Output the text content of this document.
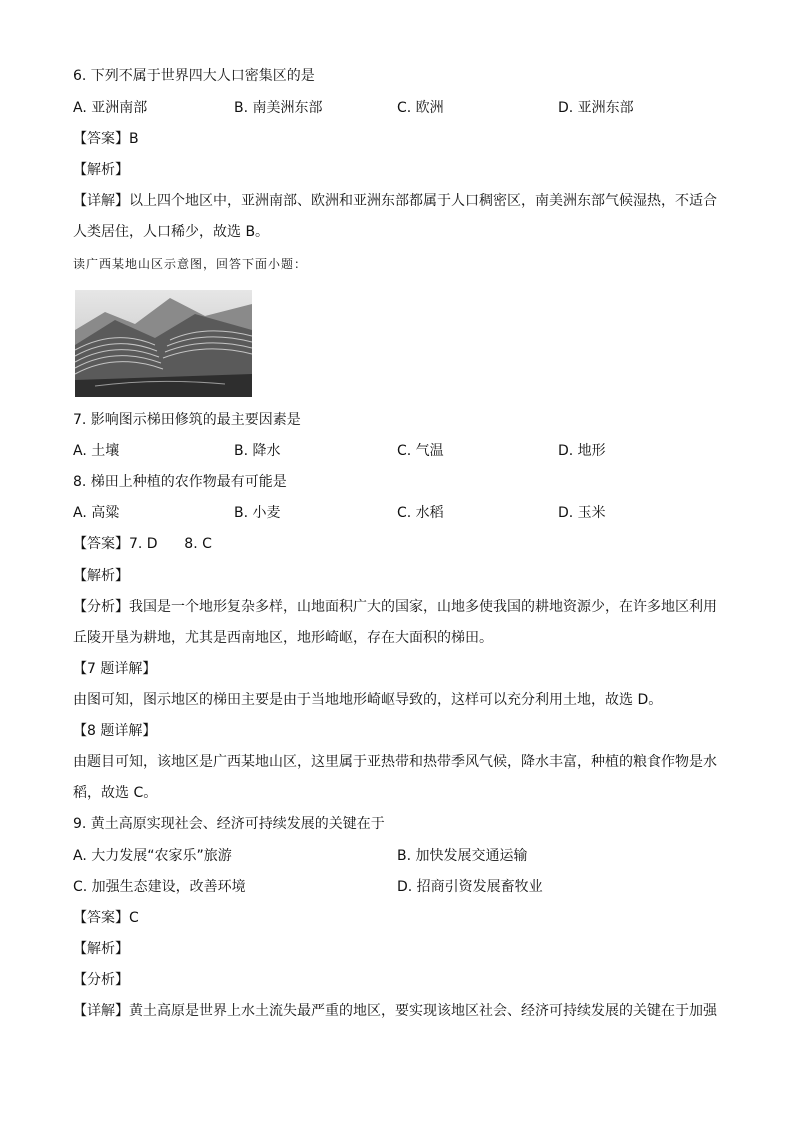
6. 下列不属于世界四大人口密集区的是
A. 亚洲南部	B. 南美洲东部	C. 欧洲	D. 亚洲东部
【答案】B
【解析】
【详解】以上四个地区中，亚洲南部、欧洲和亚洲东部都属于人口稠密区，南美洲东部气候湿热，不适合
人类居住，人口稀少，故选 B。
读广西某地山区示意图，回答下面小题：
7. 影响图示梯田修筑的最主要因素是
A. 土壤	B. 降水	C. 气温	D. 地形
8. 梯田上种植的农作物最有可能是
A. 高粱	B. 小麦	C. 水稻	D. 玉米
【答案】7. D      8. C
【解析】
【分析】我国是一个地形复杂多样，山地面积广大的国家，山地多使我国的耕地资源少，在许多地区利用
丘陵开垦为耕地，尤其是西南地区，地形崎岖，存在大面积的梯田。
【7 题详解】
由图可知，图示地区的梯田主要是由于当地地形崎岖导致的，这样可以充分利用土地，故选 D。
【8 题详解】
由题目可知，该地区是广西某地山区，这里属于亚热带和热带季风气候，降水丰富，种植的粮食作物是水
稻，故选 C。
9. 黄土高原实现社会、经济可持续发展的关键在于
A. 大力发展“农家乐”旅游	B. 加快发展交通运输
C. 加强生态建设，改善环境	D. 招商引资发展畜牧业
【答案】C
【解析】
【分析】
【详解】黄土高原是世界上水土流失最严重的地区，要实现该地区社会、经济可持续发展的关键在于加强
